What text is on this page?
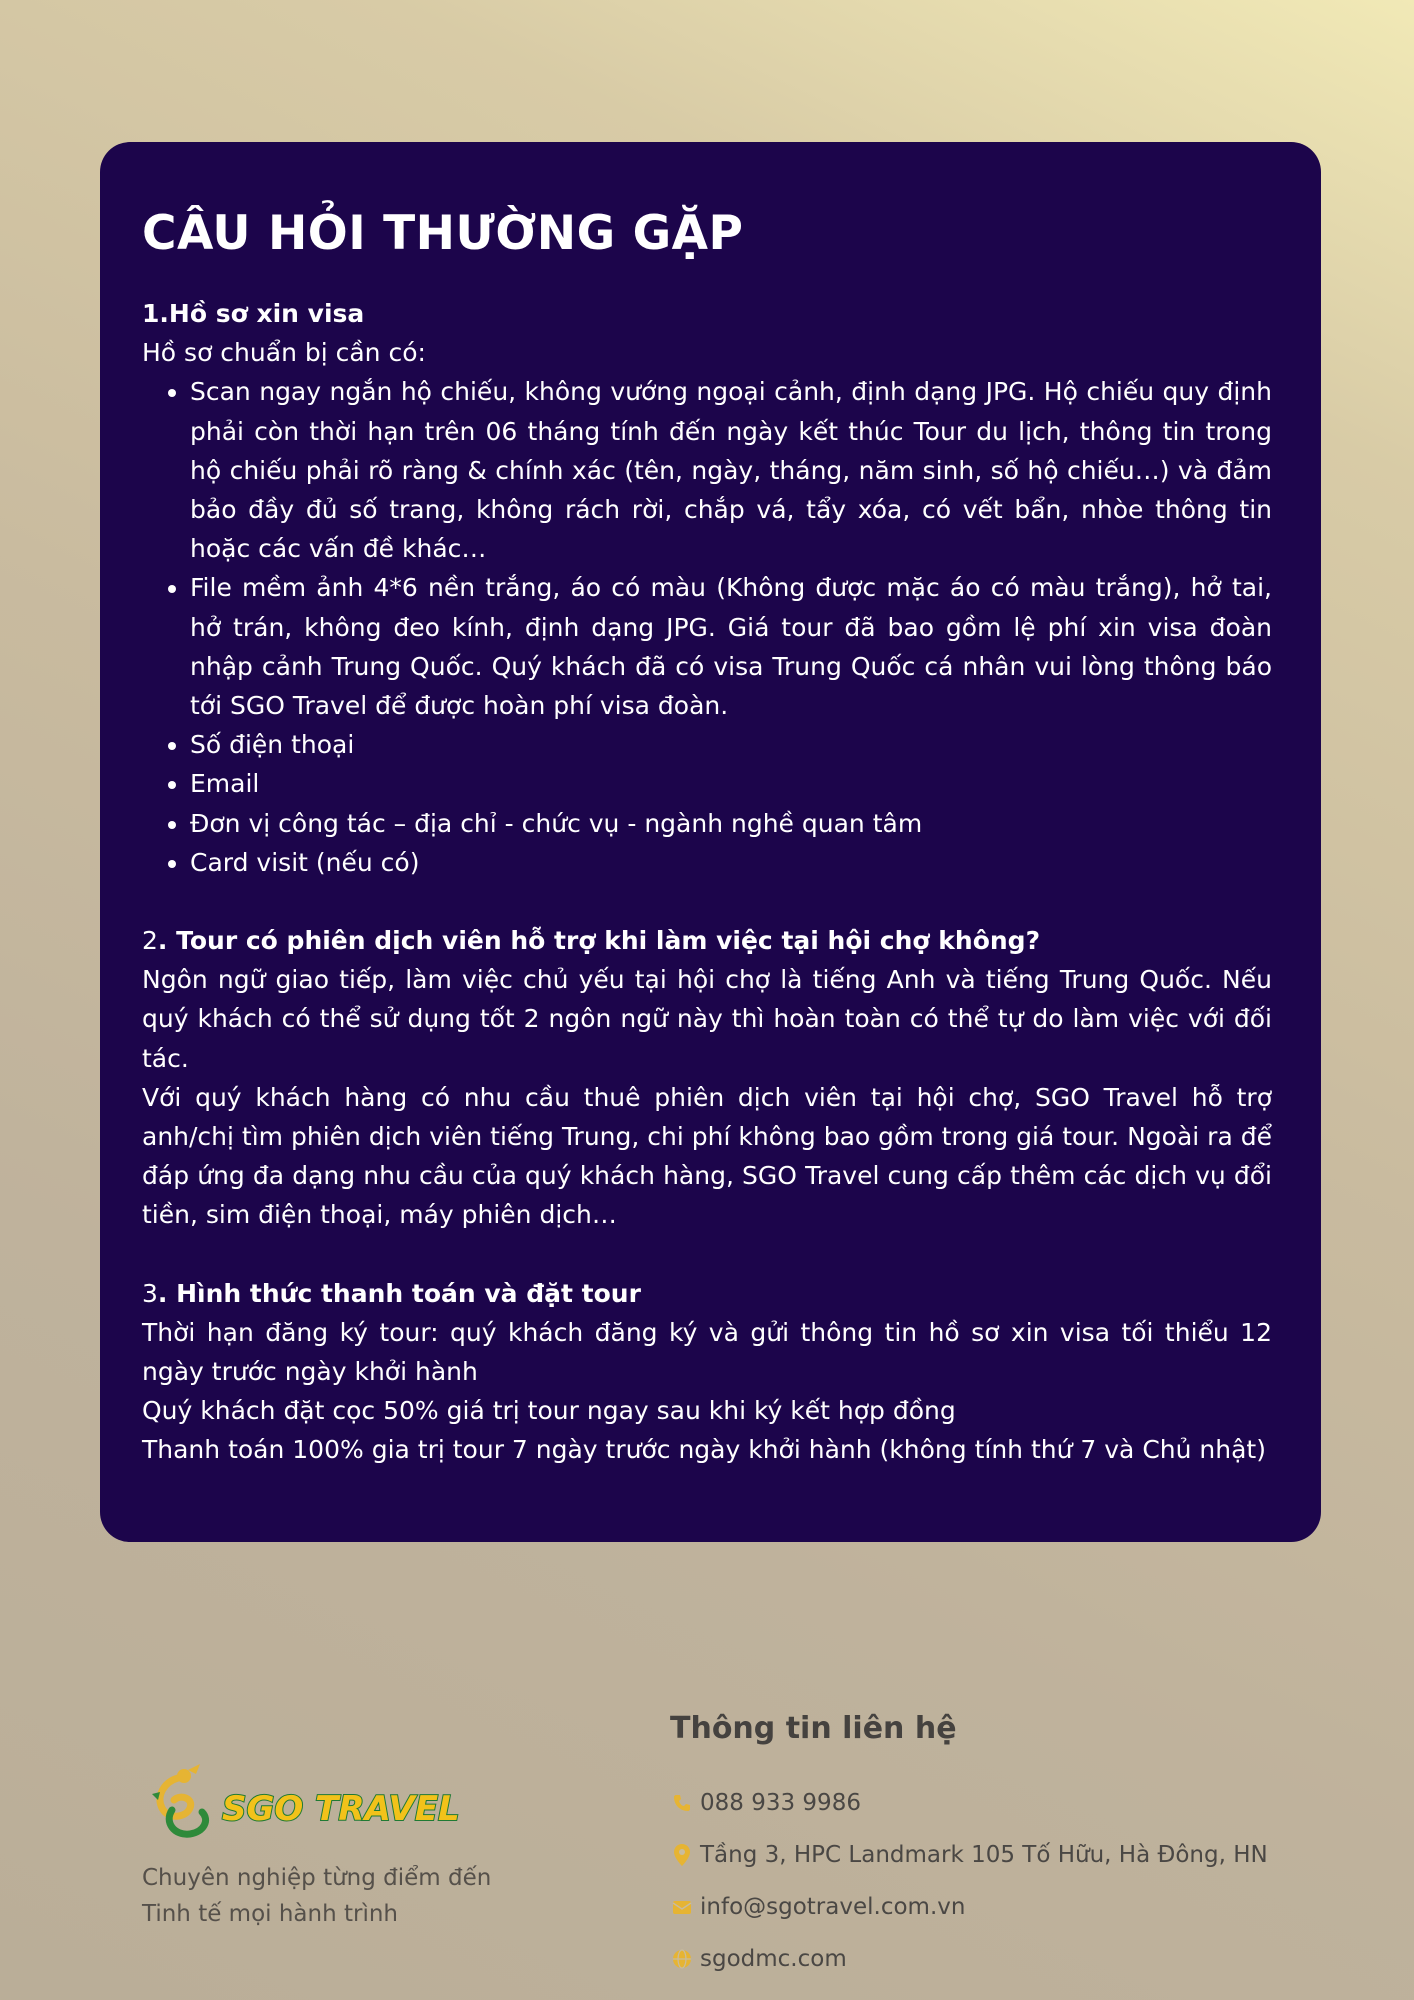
CÂU HỎI THƯỜNG GẶP
1.Hồ sơ xin visa

Hồ sơ chuẩn bị cần có:

• Scan ngay ngắn hộ chiếu, không vướng ngoại cảnh, định dạng JPG. Hộ chiếu quy định phải còn thời hạn trên 06 tháng tính đến ngày kết thúc Tour du lịch, thông tin trong hộ chiếu phải rõ ràng & chính xác (tên, ngày, tháng, năm sinh, số hộ chiếu…) và đảm bảo đầy đủ số trang, không rách rời, chắp vá, tẩy xóa, có vết bẩn, nhòe thông tin hoặc các vấn đề khác…
• File mềm ảnh 4*6 nền trắng, áo có màu (Không được mặc áo có màu trắng), hở tai, hở trán, không đeo kính, định dạng JPG. Giá tour đã bao gồm lệ phí xin visa đoàn nhập cảnh Trung Quốc. Quý khách đã có visa Trung Quốc cá nhân vui lòng thông báo tới SGO Travel để được hoàn phí visa đoàn.
• Số điện thoại
• Email
• Đơn vị công tác – địa chỉ - chức vụ - ngành nghề quan tâm
• Card visit (nếu có)
2. Tour có phiên dịch viên hỗ trợ khi làm việc tại hội chợ không?

Ngôn ngữ giao tiếp, làm việc chủ yếu tại hội chợ là tiếng Anh và tiếng Trung Quốc. Nếu quý khách có thể sử dụng tốt 2 ngôn ngữ này thì hoàn toàn có thể tự do làm việc với đối tác.

Với quý khách hàng có nhu cầu thuê phiên dịch viên tại hội chợ, SGO Travel hỗ trợ anh/chị tìm phiên dịch viên tiếng Trung, chi phí không bao gồm trong giá tour. Ngoài ra để đáp ứng đa dạng nhu cầu của quý khách hàng, SGO Travel cung cấp thêm các dịch vụ đổi tiền, sim điện thoại, máy phiên dịch…

3. Hình thức thanh toán và đặt tour

Thời hạn đăng ký tour: quý khách đăng ký và gửi thông tin hồ sơ xin visa tối thiểu 12 ngày trước ngày khởi hành

Quý khách đặt cọc 50% giá trị tour ngay sau khi ký kết hợp đồng

Thanh toán 100% gia trị tour 7 ngày trước ngày khởi hành (không tính thứ 7 và Chủ nhật)

SGO TRAVEL
Chuyên nghiệp từng điểm đến
Tinh tế mọi hành trình
Thông tin liên hệ
088 933 9986
Tầng 3, HPC Landmark 105 Tố Hữu, Hà Đông, HN
info@sgotravel.com.vn
sgodmc.com
